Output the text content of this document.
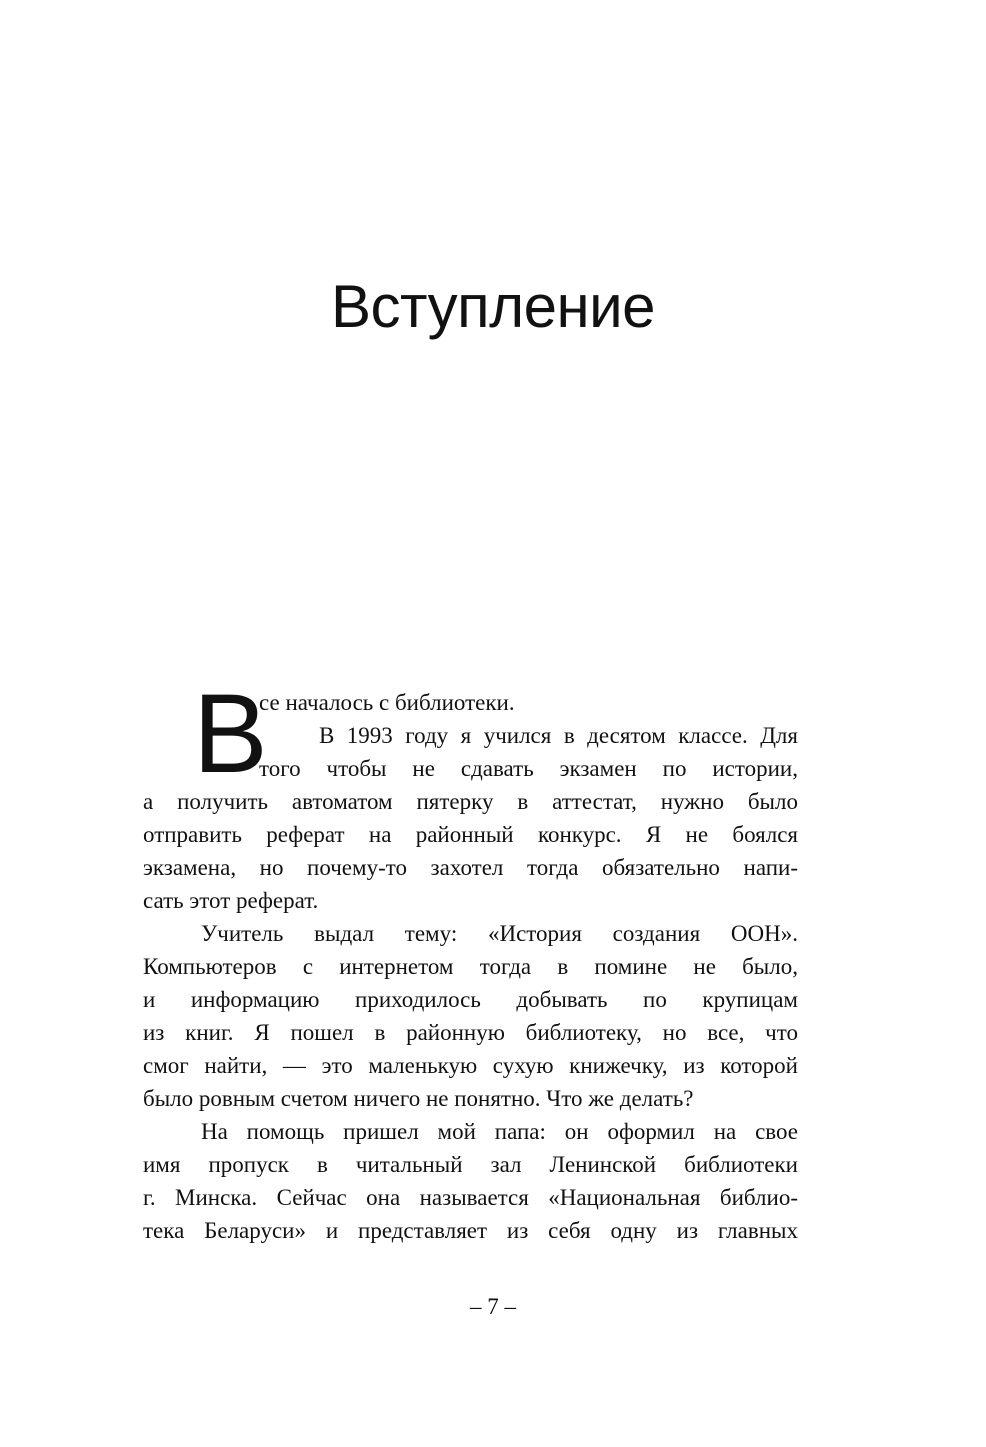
Вступление
В
се началось с библиотеки.
В 1993 году я учился в десятом классе. Для
того чтобы не сдавать экзамен по истории,
а получить автоматом пятерку в аттестат, нужно было
отправить реферат на районный конкурс. Я не боялся
экзамена, но почему-то захотел тогда обязательно напи-
сать этот реферат.
Учитель выдал тему: «История создания ООН».
Компьютеров с интернетом тогда в помине не было,
и информацию приходилось добывать по крупицам
из книг. Я пошел в районную библиотеку, но все, что
смог найти, — это маленькую сухую книжечку, из которой
было ровным счетом ничего не понятно. Что же делать?
На помощь пришел мой папа: он оформил на свое
имя пропуск в читальный зал Ленинской библиотеки
г. Минска. Сейчас она называется «Национальная библио-
тека Беларуси» и представляет из себя одну из главных
– 7 –
